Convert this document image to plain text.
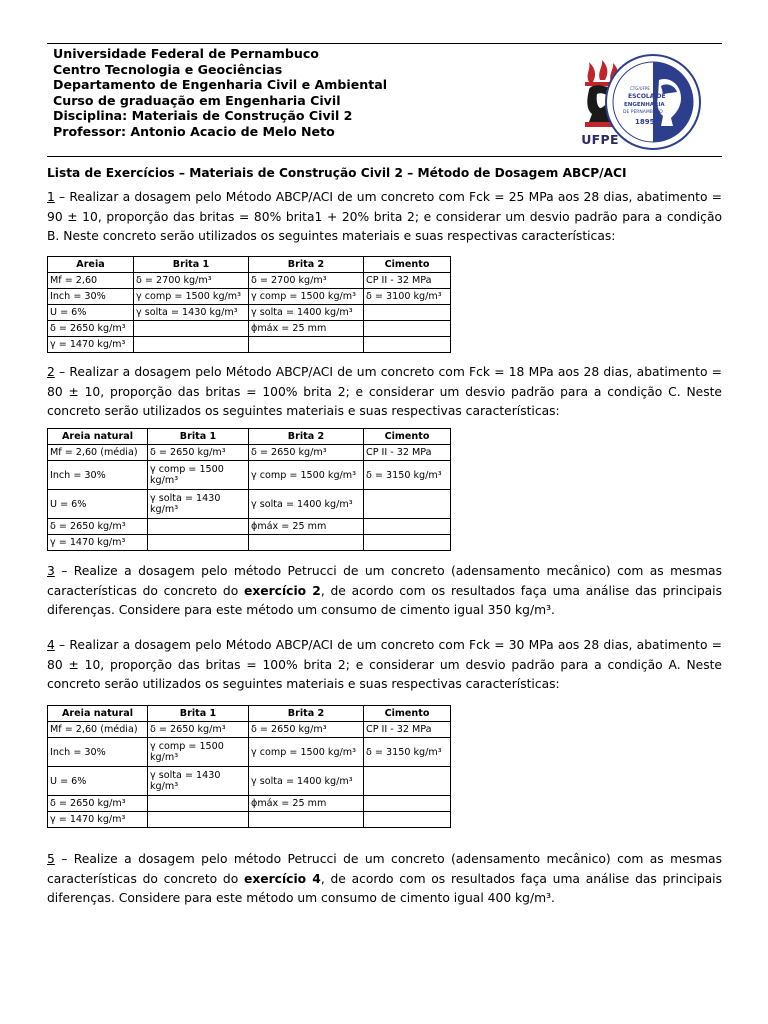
Universidade Federal de Pernambuco
Centro Tecnologia e Geociências
Departamento de Engenharia Civil e Ambiental
Curso de graduação em Engenharia Civil
Disciplina: Materiais de Construção Civil 2
Professor: Antonio Acacio de Melo Neto
UFPE
ESCOLA DE
ENGENHARIA
DE PERNAMBUCO
CTG/UFPE
1895
Lista de Exercícios – Materiais de Construção Civil 2 – Método de Dosagem ABCP/ACI
1 – Realizar a dosagem pelo Método ABCP/ACI de um concreto com Fck = 25 MPa aos 28 dias, abatimento = 90 ± 10, proporção das britas = 80% brita1 + 20% brita 2; e considerar um desvio padrão para a condição B. Neste concreto serão utilizados os seguintes materiais e suas respectivas características:
Areia	Brita 1	Brita 2	Cimento
Mf = 2,60	δ = 2700 kg/m³	δ = 2700 kg/m³	CP II - 32 MPa
Inch = 30%	γ comp = 1500 kg/m³	γ comp = 1500 kg/m³	δ = 3100 kg/m³
U = 6%	γ solta = 1430 kg/m³	γ solta = 1400 kg/m³	
δ = 2650 kg/m³		ϕmáx = 25 mm	
γ = 1470 kg/m³			
2 – Realizar a dosagem pelo Método ABCP/ACI de um concreto com Fck = 18 MPa aos 28 dias, abatimento = 80 ± 10, proporção das britas = 100% brita 2; e considerar um desvio padrão para a condição C. Neste concreto serão utilizados os seguintes materiais e suas respectivas características:
Areia natural	Brita 1	Brita 2	Cimento
Mf = 2,60 (média)	δ = 2650 kg/m³	δ = 2650 kg/m³	CP II - 32 MPa
Inch = 30%	γ comp = 1500 kg/m³	γ comp = 1500 kg/m³	δ = 3150 kg/m³
U = 6%	γ solta = 1430 kg/m³	γ solta = 1400 kg/m³	
δ = 2650 kg/m³		ϕmáx = 25 mm	
γ = 1470 kg/m³			
3 – Realize a dosagem pelo método Petrucci de um concreto (adensamento mecânico) com as mesmas características do concreto do exercício 2, de acordo com os resultados faça uma análise das principais diferenças. Considere para este método um consumo de cimento igual 350 kg/m³.
4 – Realizar a dosagem pelo Método ABCP/ACI de um concreto com Fck = 30 MPa aos 28 dias, abatimento = 80 ± 10, proporção das britas = 100% brita 2; e considerar um desvio padrão para a condição A. Neste concreto serão utilizados os seguintes materiais e suas respectivas características:
Areia natural	Brita 1	Brita 2	Cimento
Mf = 2,60 (média)	δ = 2650 kg/m³	δ = 2650 kg/m³	CP II - 32 MPa
Inch = 30%	γ comp = 1500 kg/m³	γ comp = 1500 kg/m³	δ = 3150 kg/m³
U = 6%	γ solta = 1430 kg/m³	γ solta = 1400 kg/m³	
δ = 2650 kg/m³		ϕmáx = 25 mm	
γ = 1470 kg/m³			
5 – Realize a dosagem pelo método Petrucci de um concreto (adensamento mecânico) com as mesmas características do concreto do exercício 4, de acordo com os resultados faça uma análise das principais diferenças. Considere para este método um consumo de cimento igual 400 kg/m³.
